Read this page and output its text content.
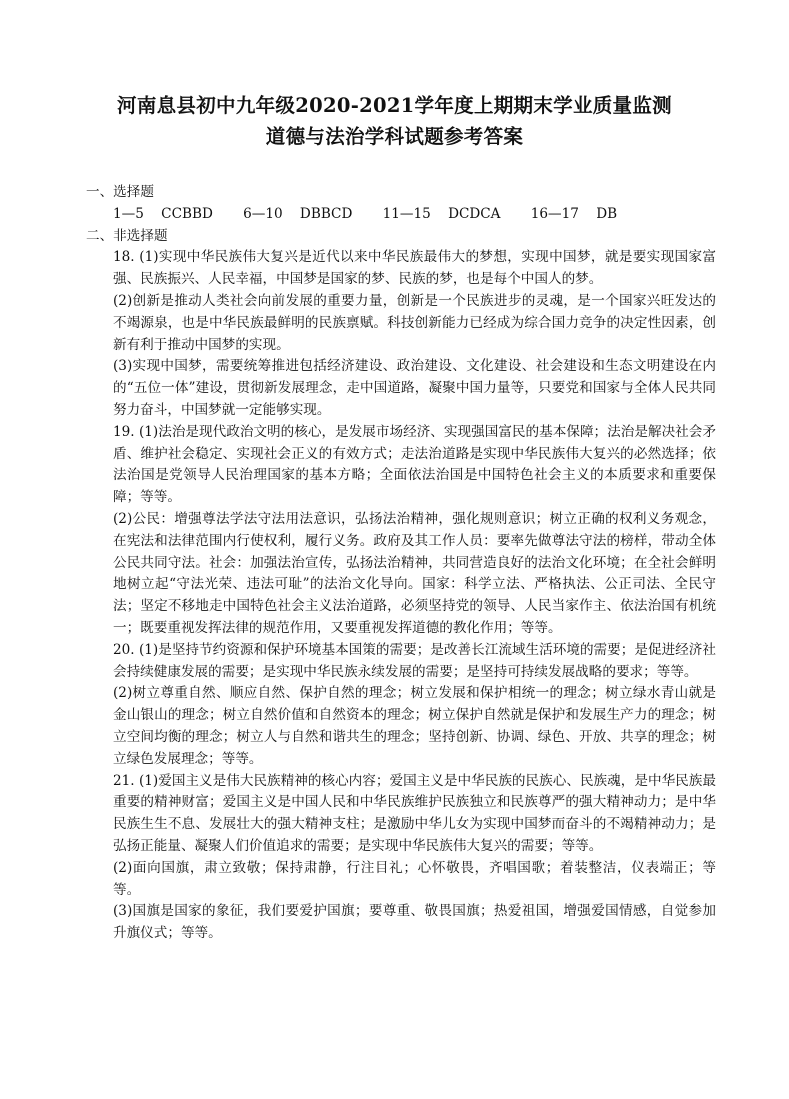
河南息县初中九年级2020-2021学年度上期期末学业质量监测
道德与法治学科试题参考答案
一、选择题
1—5    CCBBD       6—10    DBBCD       11—15    DCDCA       16—17    DB
二、非选择题

18. (1)实现中华民族伟大复兴是近代以来中华民族最伟大的梦想，实现中国梦，就是要实现国家富强、民族振兴、人民幸福，中国梦是国家的梦、民族的梦，也是每个中国人的梦。

(2)创新是推动人类社会向前发展的重要力量，创新是一个民族进步的灵魂，是一个国家兴旺发达的不竭源泉，也是中华民族最鲜明的民族禀赋。科技创新能力已经成为综合国力竞争的决定性因素，创新有利于推动中国梦的实现。

(3)实现中国梦，需要统筹推进包括经济建设、政治建设、文化建设、社会建设和生态文明建设在内的“五位一体”建设，贯彻新发展理念，走中国道路，凝聚中国力量等，只要党和国家与全体人民共同努力奋斗，中国梦就一定能够实现。

19. (1)法治是现代政治文明的核心，是发展市场经济、实现强国富民的基本保障；法治是解决社会矛盾、维护社会稳定、实现社会正义的有效方式；走法治道路是实现中华民族伟大复兴的必然选择；依法治国是党领导人民治理国家的基本方略；全面依法治国是中国特色社会主义的本质要求和重要保障；等等。

(2)公民：增强尊法学法守法用法意识，弘扬法治精神，强化规则意识；树立正确的权利义务观念，在宪法和法律范围内行使权利，履行义务。政府及其工作人员：要率先做尊法守法的榜样，带动全体公民共同守法。社会：加强法治宣传，弘扬法治精神，共同营造良好的法治文化环境；在全社会鲜明地树立起“守法光荣、违法可耻”的法治文化导向。国家：科学立法、严格执法、公正司法、全民守法；坚定不移地走中国特色社会主义法治道路，必须坚持党的领导、人民当家作主、依法治国有机统一；既要重视发挥法律的规范作用，又要重视发挥道德的教化作用；等等。

20. (1)是坚持节约资源和保护环境基本国策的需要；是改善长江流域生活环境的需要；是促进经济社会持续健康发展的需要；是实现中华民族永续发展的需要；是坚持可持续发展战略的要求；等等。

(2)树立尊重自然、顺应自然、保护自然的理念；树立发展和保护相统一的理念；树立绿水青山就是金山银山的理念；树立自然价值和自然资本的理念；树立保护自然就是保护和发展生产力的理念；树立空间均衡的理念；树立人与自然和谐共生的理念；坚持创新、协调、绿色、开放、共享的理念；树立绿色发展理念；等等。

21. (1)爱国主义是伟大民族精神的核心内容；爱国主义是中华民族的民族心、民族魂，是中华民族最重要的精神财富；爱国主义是中国人民和中华民族维护民族独立和民族尊严的强大精神动力；是中华民族生生不息、发展壮大的强大精神支柱；是激励中华儿女为实现中国梦而奋斗的不竭精神动力；是弘扬正能量、凝聚人们价值追求的需要；是实现中华民族伟大复兴的需要；等等。

(2)面向国旗，肃立致敬；保持肃静，行注目礼；心怀敬畏，齐唱国歌；着装整洁，仪表端正；等等。

(3)国旗是国家的象征，我们要爱护国旗；要尊重、敬畏国旗；热爱祖国，增强爱国情感，自觉参加升旗仪式；等等。
